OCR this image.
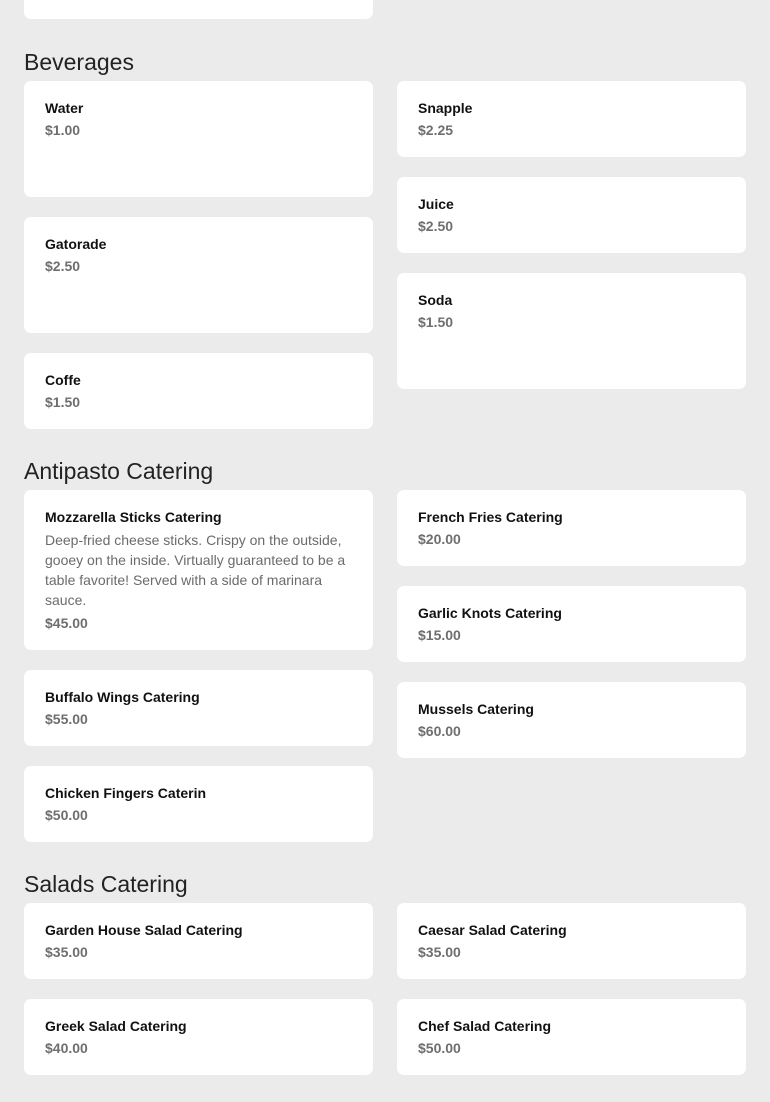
Beverages
Water
$1.00
Snapple
$2.25
Juice
$2.50
Gatorade
$2.50
Soda
$1.50
Coffe
$1.50
Antipasto Catering
Mozzarella Sticks Catering
Deep-fried cheese sticks. Crispy on the outside, gooey on the inside. Virtually guaranteed to be a table favorite! Served with a side of marinara sauce.
$45.00
French Fries Catering
$20.00
Garlic Knots Catering
$15.00
Buffalo Wings Catering
$55.00
Mussels Catering
$60.00
Chicken Fingers Caterin
$50.00
Salads Catering
Garden House Salad Catering
$35.00
Caesar Salad Catering
$35.00
Greek Salad Catering
$40.00
Chef Salad Catering
$50.00
